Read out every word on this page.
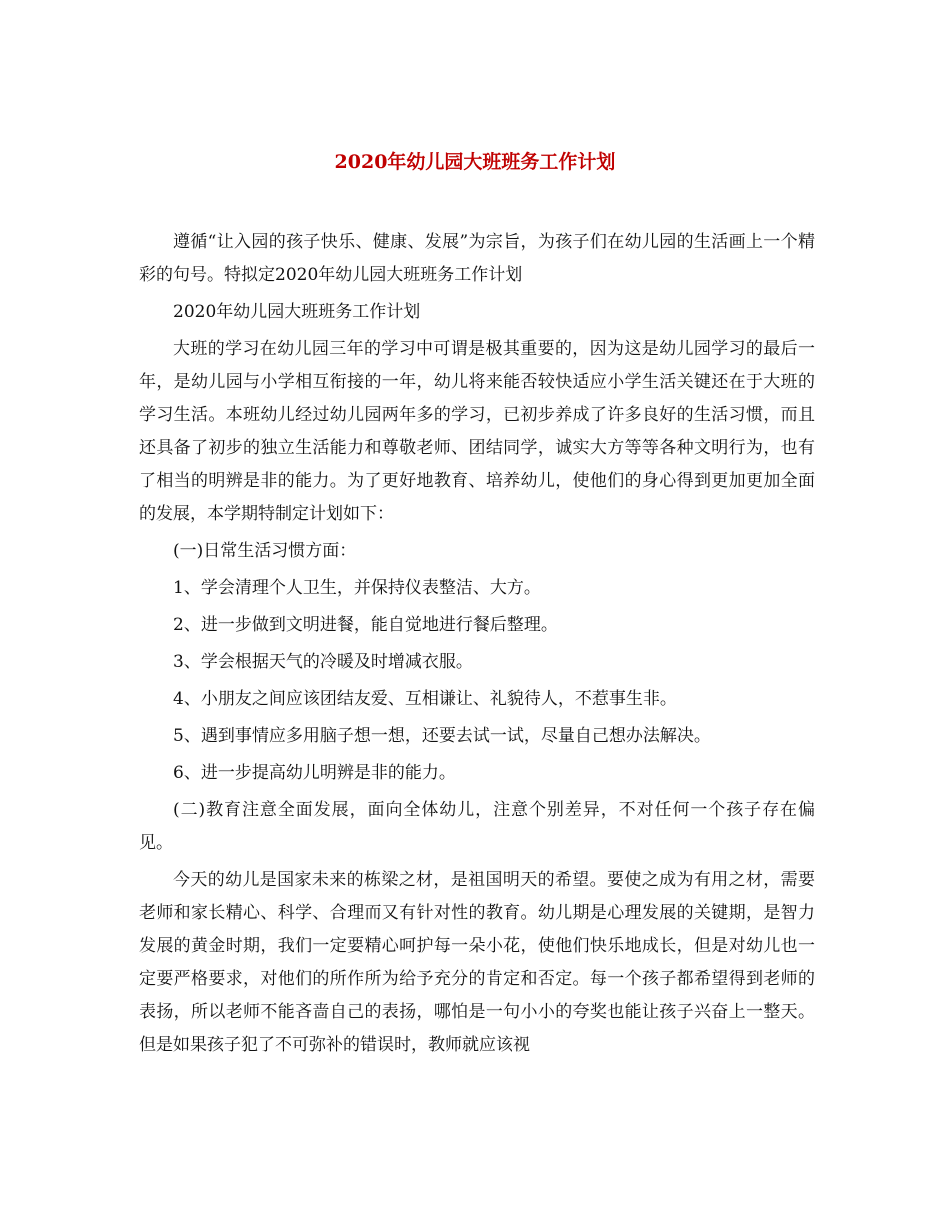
2020年幼儿园大班班务工作计划

遵循“让入园的孩子快乐、健康、发展”为宗旨，为孩子们在幼儿园的生活画上一个精彩的句号。特拟定2020年幼儿园大班班务工作计划

2020年幼儿园大班班务工作计划

大班的学习在幼儿园三年的学习中可谓是极其重要的，因为这是幼儿园学习的最后一年，是幼儿园与小学相互衔接的一年，幼儿将来能否较快适应小学生活关键还在于大班的学习生活。本班幼儿经过幼儿园两年多的学习，已初步养成了许多良好的生活习惯，而且还具备了初步的独立生活能力和尊敬老师、团结同学，诚实大方等等各种文明行为，也有了相当的明辨是非的能力。为了更好地教育、培养幼儿，使他们的身心得到更加更加全面的发展，本学期特制定计划如下：

(一)日常生活习惯方面：

1、学会清理个人卫生，并保持仪表整洁、大方。

2、进一步做到文明进餐，能自觉地进行餐后整理。

3、学会根据天气的冷暖及时增减衣服。

4、小朋友之间应该团结友爱、互相谦让、礼貌待人，不惹事生非。

5、遇到事情应多用脑子想一想，还要去试一试，尽量自己想办法解决。

6、进一步提高幼儿明辨是非的能力。

(二)教育注意全面发展，面向全体幼儿，注意个别差异，不对任何一个孩子存在偏见。

今天的幼儿是国家未来的栋梁之材，是祖国明天的希望。要使之成为有用之材，需要老师和家长精心、科学、合理而又有针对性的教育。幼儿期是心理发展的关键期，是智力发展的黄金时期，我们一定要精心呵护每一朵小花，使他们快乐地成长，但是对幼儿也一定要严格要求，对他们的所作所为给予充分的肯定和否定。每一个孩子都希望得到老师的表扬，所以老师不能吝啬自己的表扬，哪怕是一句小小的夸奖也能让孩子兴奋上一整天。但是如果孩子犯了不可弥补的错误时，教师就应该视
